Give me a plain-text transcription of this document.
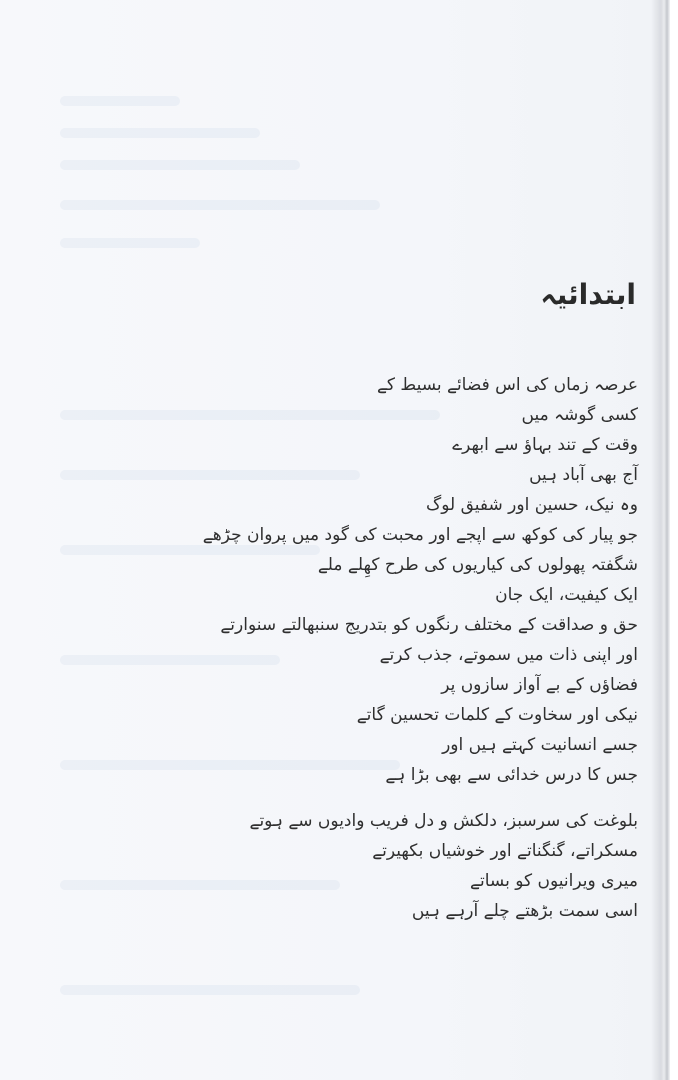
ابتدائیہ
عرصہ زماں کی اس فضائے بسیط کے
کسی گوشہ میں
وقت کے تند بہاؤ سے ابھرے
آج بھی آباد ہیں
وہ نیک، حسین اور شفیق لوگ
جو پیار کی کوکھ سے اپجے اور محبت کی گود میں پروان چڑھے
شگفتہ پھولوں کی کیاریوں کی طرح کھِلے ملے
ایک کیفیت، ایک جان
حق و صداقت کے مختلف رنگوں کو بتدریج سنبھالتے سنوارتے
اور اپنی ذات میں سموتے، جذب کرتے
فضاؤں کے بے آواز سازوں پر
نیکی اور سخاوت کے کلمات تحسین گاتے
جسے انسانیت کہتے ہیں اور
جس کا درس خدائی سے بھی بڑا ہے
بلوغت کی سرسبز، دلکش و دل فریب وادیوں سے ہوتے
مسکراتے، گنگناتے اور خوشیاں بکھیرتے
میری ویرانیوں کو بساتے
اسی سمت بڑھتے چلے آرہے ہیں
